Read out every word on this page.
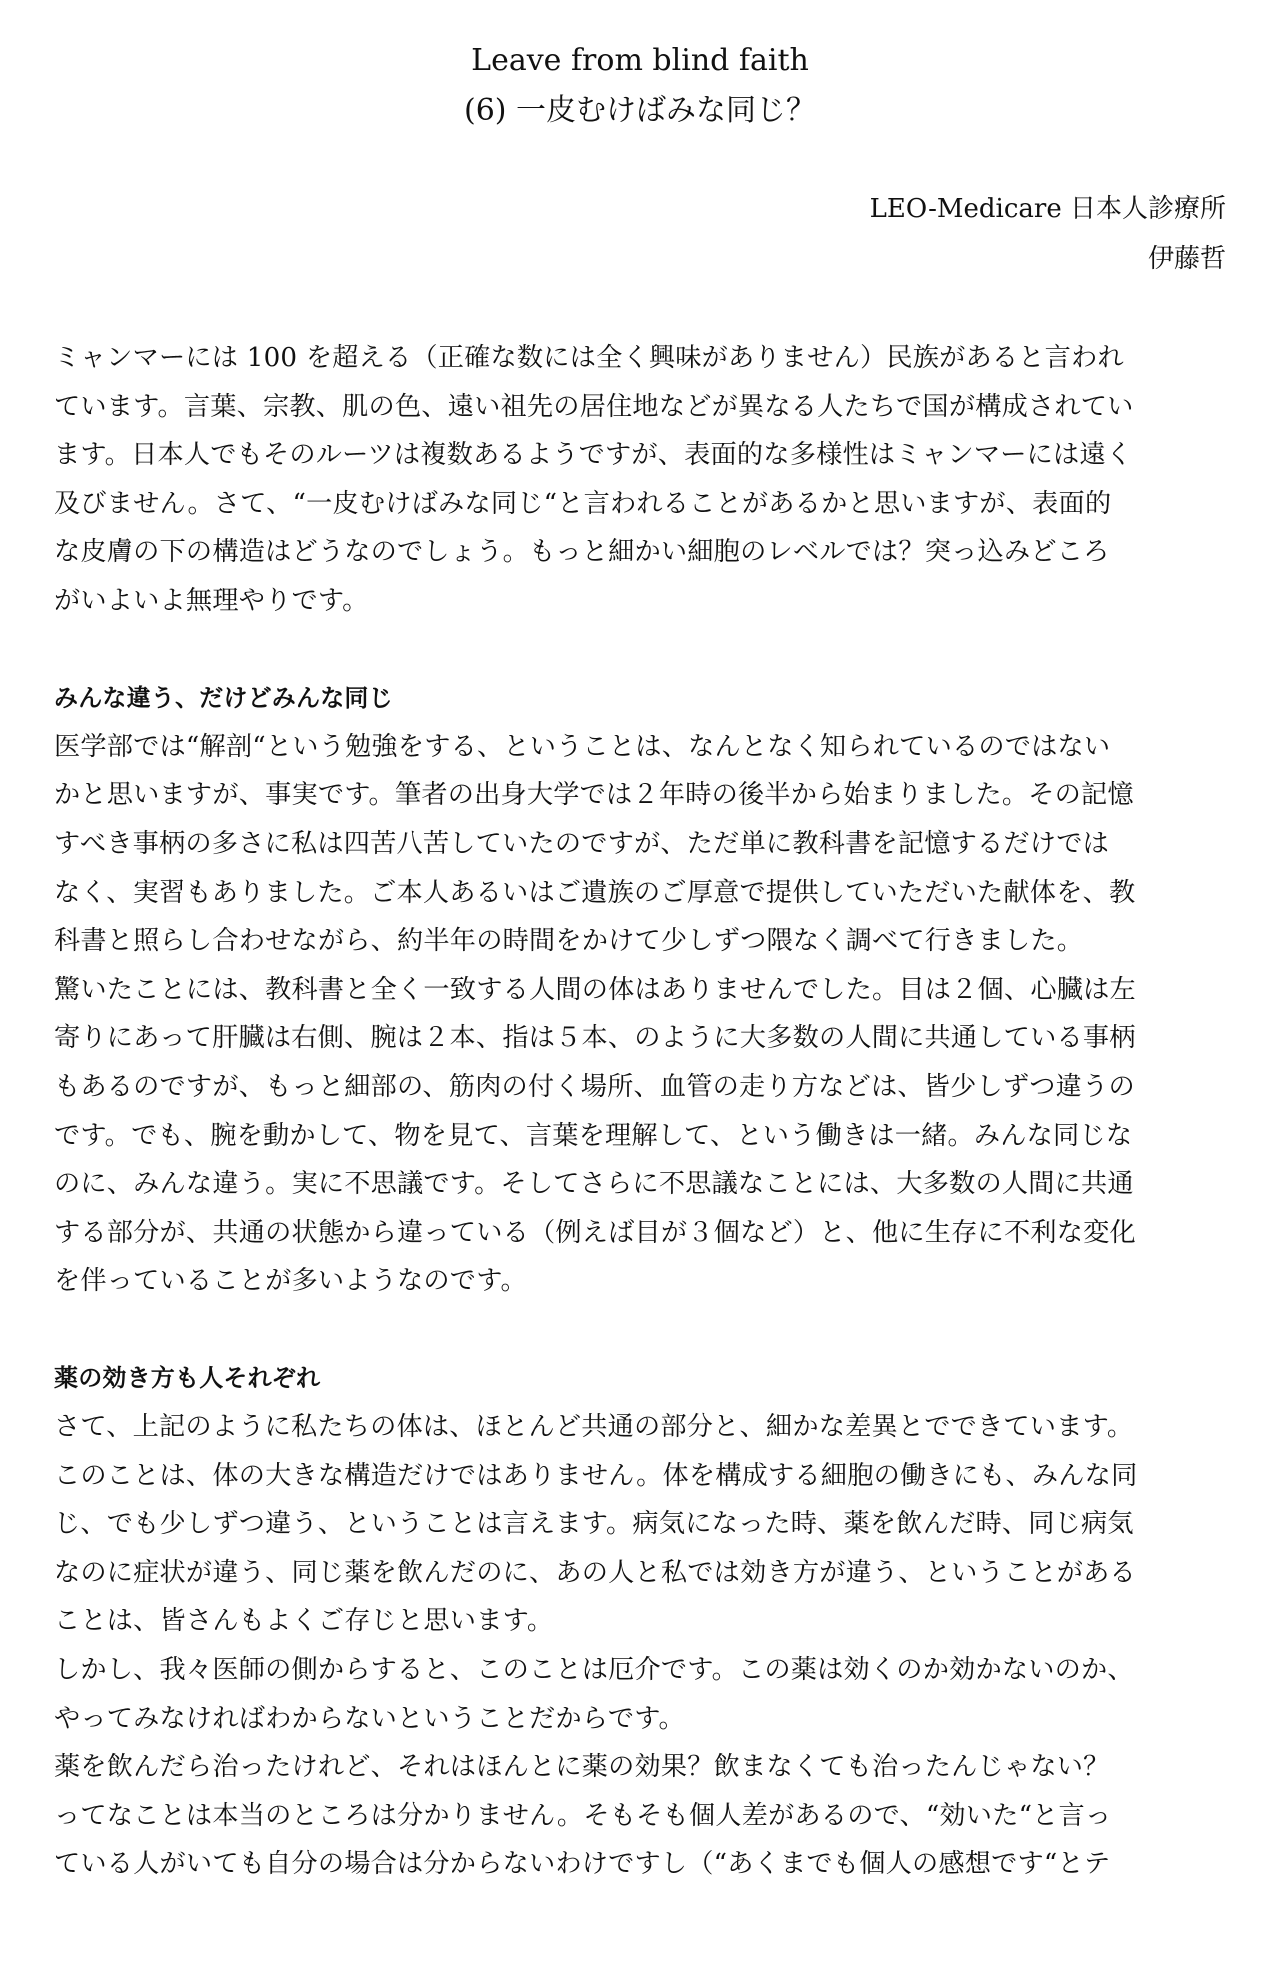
Leave from blind faith
(6) 一皮むけばみな同じ？
LEO-Medicare 日本人診療所
伊藤哲
ミャンマーには 100 を超える（正確な数には全く興味がありません）民族があると言われ
ています。言葉、宗教、肌の色、遠い祖先の居住地などが異なる人たちで国が構成されてい
ます。日本人でもそのルーツは複数あるようですが、表面的な多様性はミャンマーには遠く
及びません。さて、“一皮むけばみな同じ“と言われることがあるかと思いますが、表面的
な皮膚の下の構造はどうなのでしょう。もっと細かい細胞のレベルでは？突っ込みどころ
がいよいよ無理やりです。
みんな違う、だけどみんな同じ
医学部では“解剖“という勉強をする、ということは、なんとなく知られているのではない
かと思いますが、事実です。筆者の出身大学では２年時の後半から始まりました。その記憶
すべき事柄の多さに私は四苦八苦していたのですが、ただ単に教科書を記憶するだけでは
なく、実習もありました。ご本人あるいはご遺族のご厚意で提供していただいた献体を、教
科書と照らし合わせながら、約半年の時間をかけて少しずつ隈なく調べて行きました。
驚いたことには、教科書と全く一致する人間の体はありませんでした。目は２個、心臓は左
寄りにあって肝臓は右側、腕は２本、指は５本、のように大多数の人間に共通している事柄
もあるのですが、もっと細部の、筋肉の付く場所、血管の走り方などは、皆少しずつ違うの
です。でも、腕を動かして、物を見て、言葉を理解して、という働きは一緒。みんな同じな
のに、みんな違う。実に不思議です。そしてさらに不思議なことには、大多数の人間に共通
する部分が、共通の状態から違っている（例えば目が３個など）と、他に生存に不利な変化
を伴っていることが多いようなのです。
薬の効き方も人それぞれ
さて、上記のように私たちの体は、ほとんど共通の部分と、細かな差異とでできています。
このことは、体の大きな構造だけではありません。体を構成する細胞の働きにも、みんな同
じ、でも少しずつ違う、ということは言えます。病気になった時、薬を飲んだ時、同じ病気
なのに症状が違う、同じ薬を飲んだのに、あの人と私では効き方が違う、ということがある
ことは、皆さんもよくご存じと思います。
しかし、我々医師の側からすると、このことは厄介です。この薬は効くのか効かないのか、
やってみなければわからないということだからです。
薬を飲んだら治ったけれど、それはほんとに薬の効果？飲まなくても治ったんじゃない？
ってなことは本当のところは分かりません。そもそも個人差があるので、“効いた“と言っ
ている人がいても自分の場合は分からないわけですし（“あくまでも個人の感想です“とテ
